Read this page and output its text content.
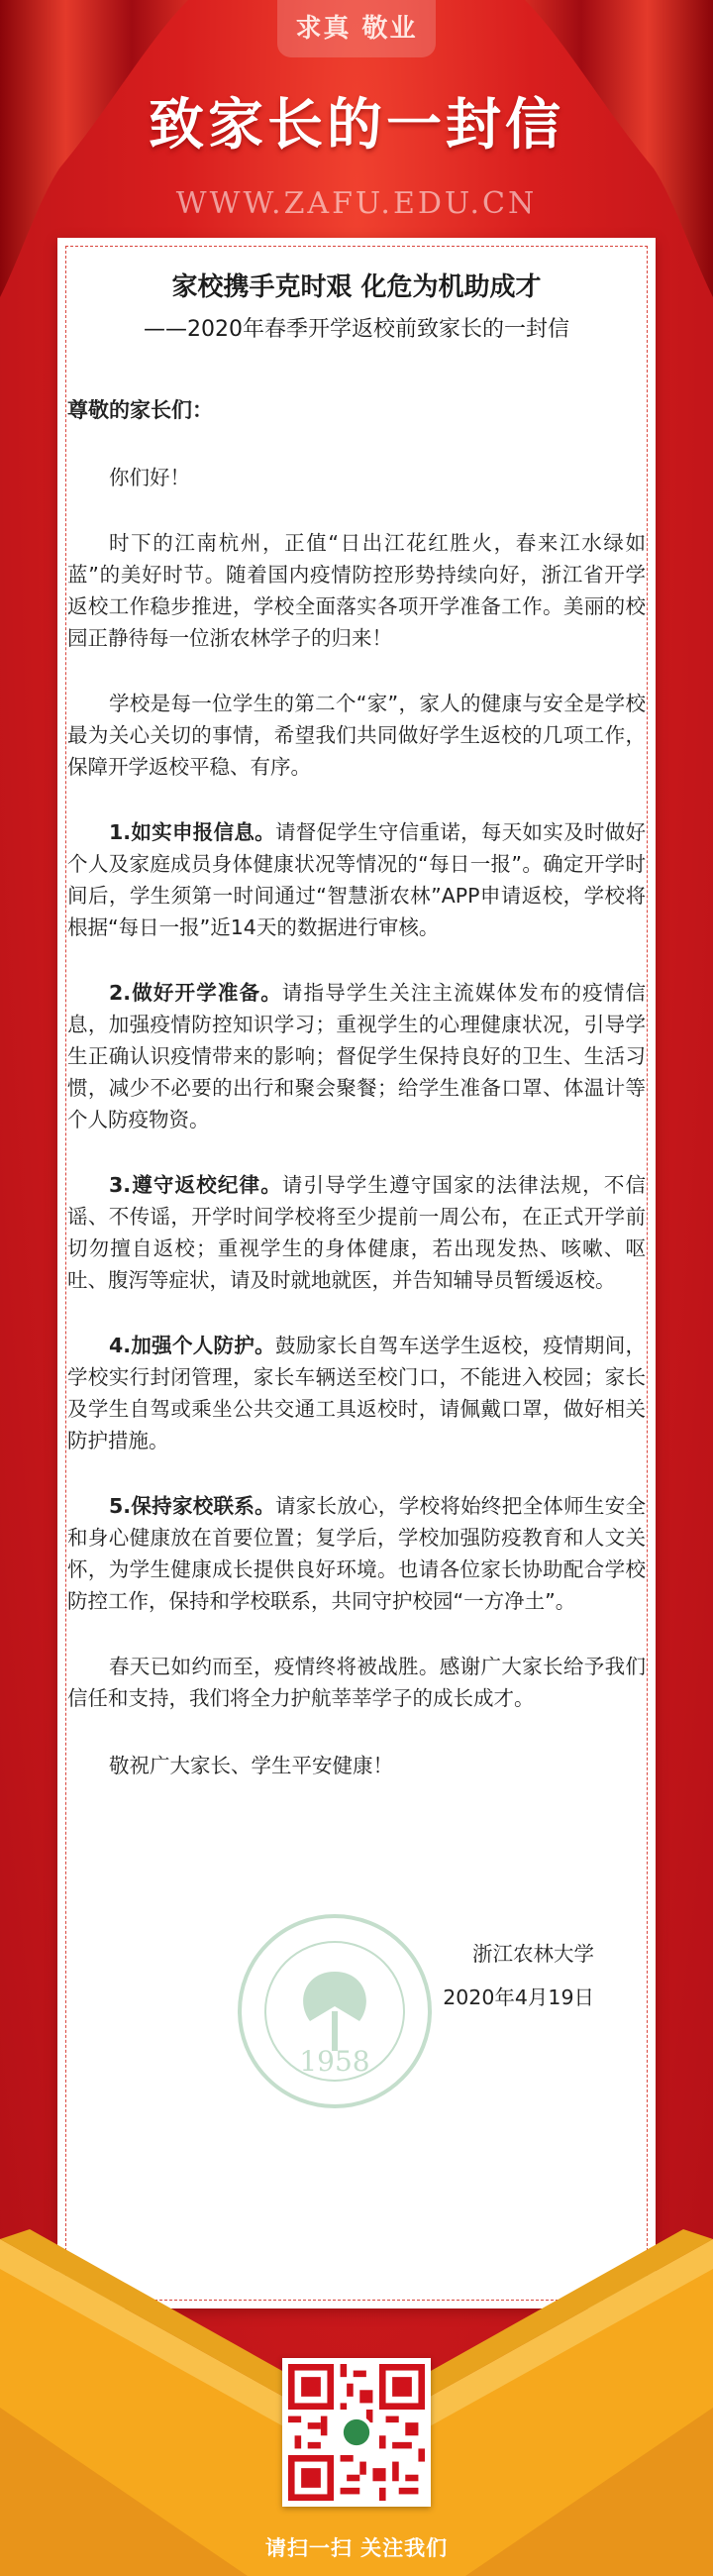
求真 敬业
致家长的一封信
WWW.ZAFU.EDU.CN
家校携手克时艰 化危为机助成才
——2020年春季开学返校前致家长的一封信

尊敬的家长们：

你们好！

时下的江南杭州，正值“日出江花红胜火，春来江水绿如蓝”的美好时节。随着国内疫情防控形势持续向好，浙江省开学返校工作稳步推进，学校全面落实各项开学准备工作。美丽的校园正静待每一位浙农林学子的归来！

学校是每一位学生的第二个“家”，家人的健康与安全是学校最为关心关切的事情，希望我们共同做好学生返校的几项工作，保障开学返校平稳、有序。

1.如实申报信息。请督促学生守信重诺，每天如实及时做好个人及家庭成员身体健康状况等情况的“每日一报”。确定开学时间后，学生须第一时间通过“智慧浙农林”APP申请返校，学校将根据“每日一报”近14天的数据进行审核。

2.做好开学准备。请指导学生关注主流媒体发布的疫情信息，加强疫情防控知识学习；重视学生的心理健康状况，引导学生正确认识疫情带来的影响；督促学生保持良好的卫生、生活习惯，减少不必要的出行和聚会聚餐；给学生准备口罩、体温计等个人防疫物资。

3.遵守返校纪律。请引导学生遵守国家的法律法规，不信谣、不传谣，开学时间学校将至少提前一周公布，在正式开学前切勿擅自返校；重视学生的身体健康，若出现发热、咳嗽、呕吐、腹泻等症状，请及时就地就医，并告知辅导员暂缓返校。

4.加强个人防护。鼓励家长自驾车送学生返校，疫情期间，学校实行封闭管理，家长车辆送至校门口，不能进入校园；家长及学生自驾或乘坐公共交通工具返校时，请佩戴口罩，做好相关防护措施。

5.保持家校联系。请家长放心，学校将始终把全体师生安全和身心健康放在首要位置；复学后，学校加强防疫教育和人文关怀，为学生健康成长提供良好环境。也请各位家长协助配合学校防控工作，保持和学校联系，共同守护校园“一方净土”。

春天已如约而至，疫情终将被战胜。感谢广大家长给予我们信任和支持，我们将全力护航莘莘学子的成长成才。

敬祝广大家长、学生平安健康！

1958
浙江农林大学
2020年4月19日
请扫一扫 关注我们
